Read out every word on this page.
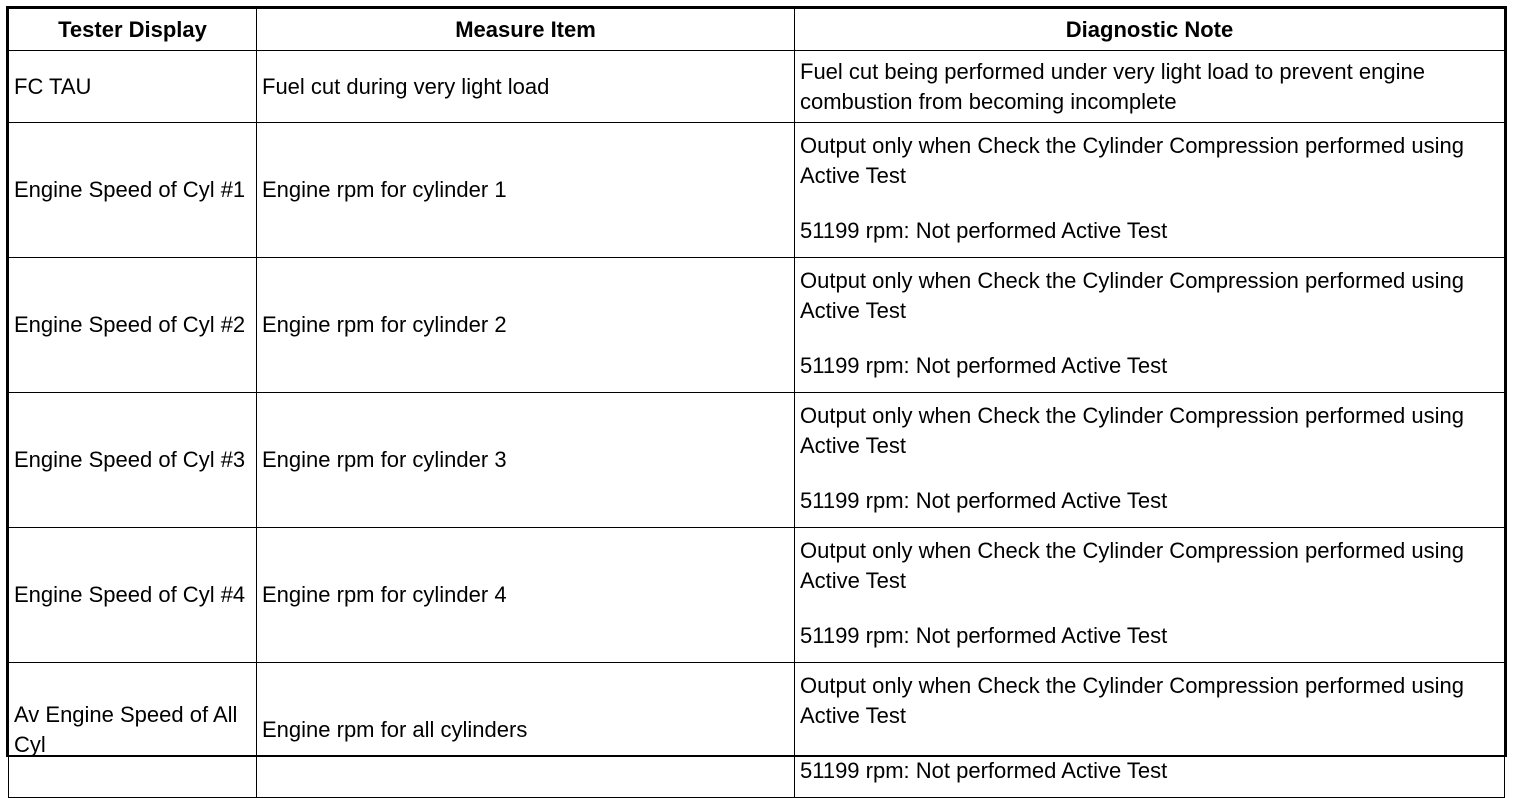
Tester Display	Measure Item	Diagnostic Note
FC TAU	Fuel cut during very light load	Fuel cut being performed under very light load to prevent engine combustion from becoming incomplete

Engine Speed of Cyl #1	Engine rpm for cylinder 1	Output only when Check the Cylinder Compression performed using Active Test
51199 rpm: Not performed Active Test

Engine Speed of Cyl #2	Engine rpm for cylinder 2	Output only when Check the Cylinder Compression performed using Active Test
51199 rpm: Not performed Active Test

Engine Speed of Cyl #3	Engine rpm for cylinder 3	Output only when Check the Cylinder Compression performed using Active Test
51199 rpm: Not performed Active Test

Engine Speed of Cyl #4	Engine rpm for cylinder 4	Output only when Check the Cylinder Compression performed using Active Test
51199 rpm: Not performed Active Test

Av Engine Speed of All Cyl	Engine rpm for all cylinders	Output only when Check the Cylinder Compression performed using Active Test
51199 rpm: Not performed Active Test
